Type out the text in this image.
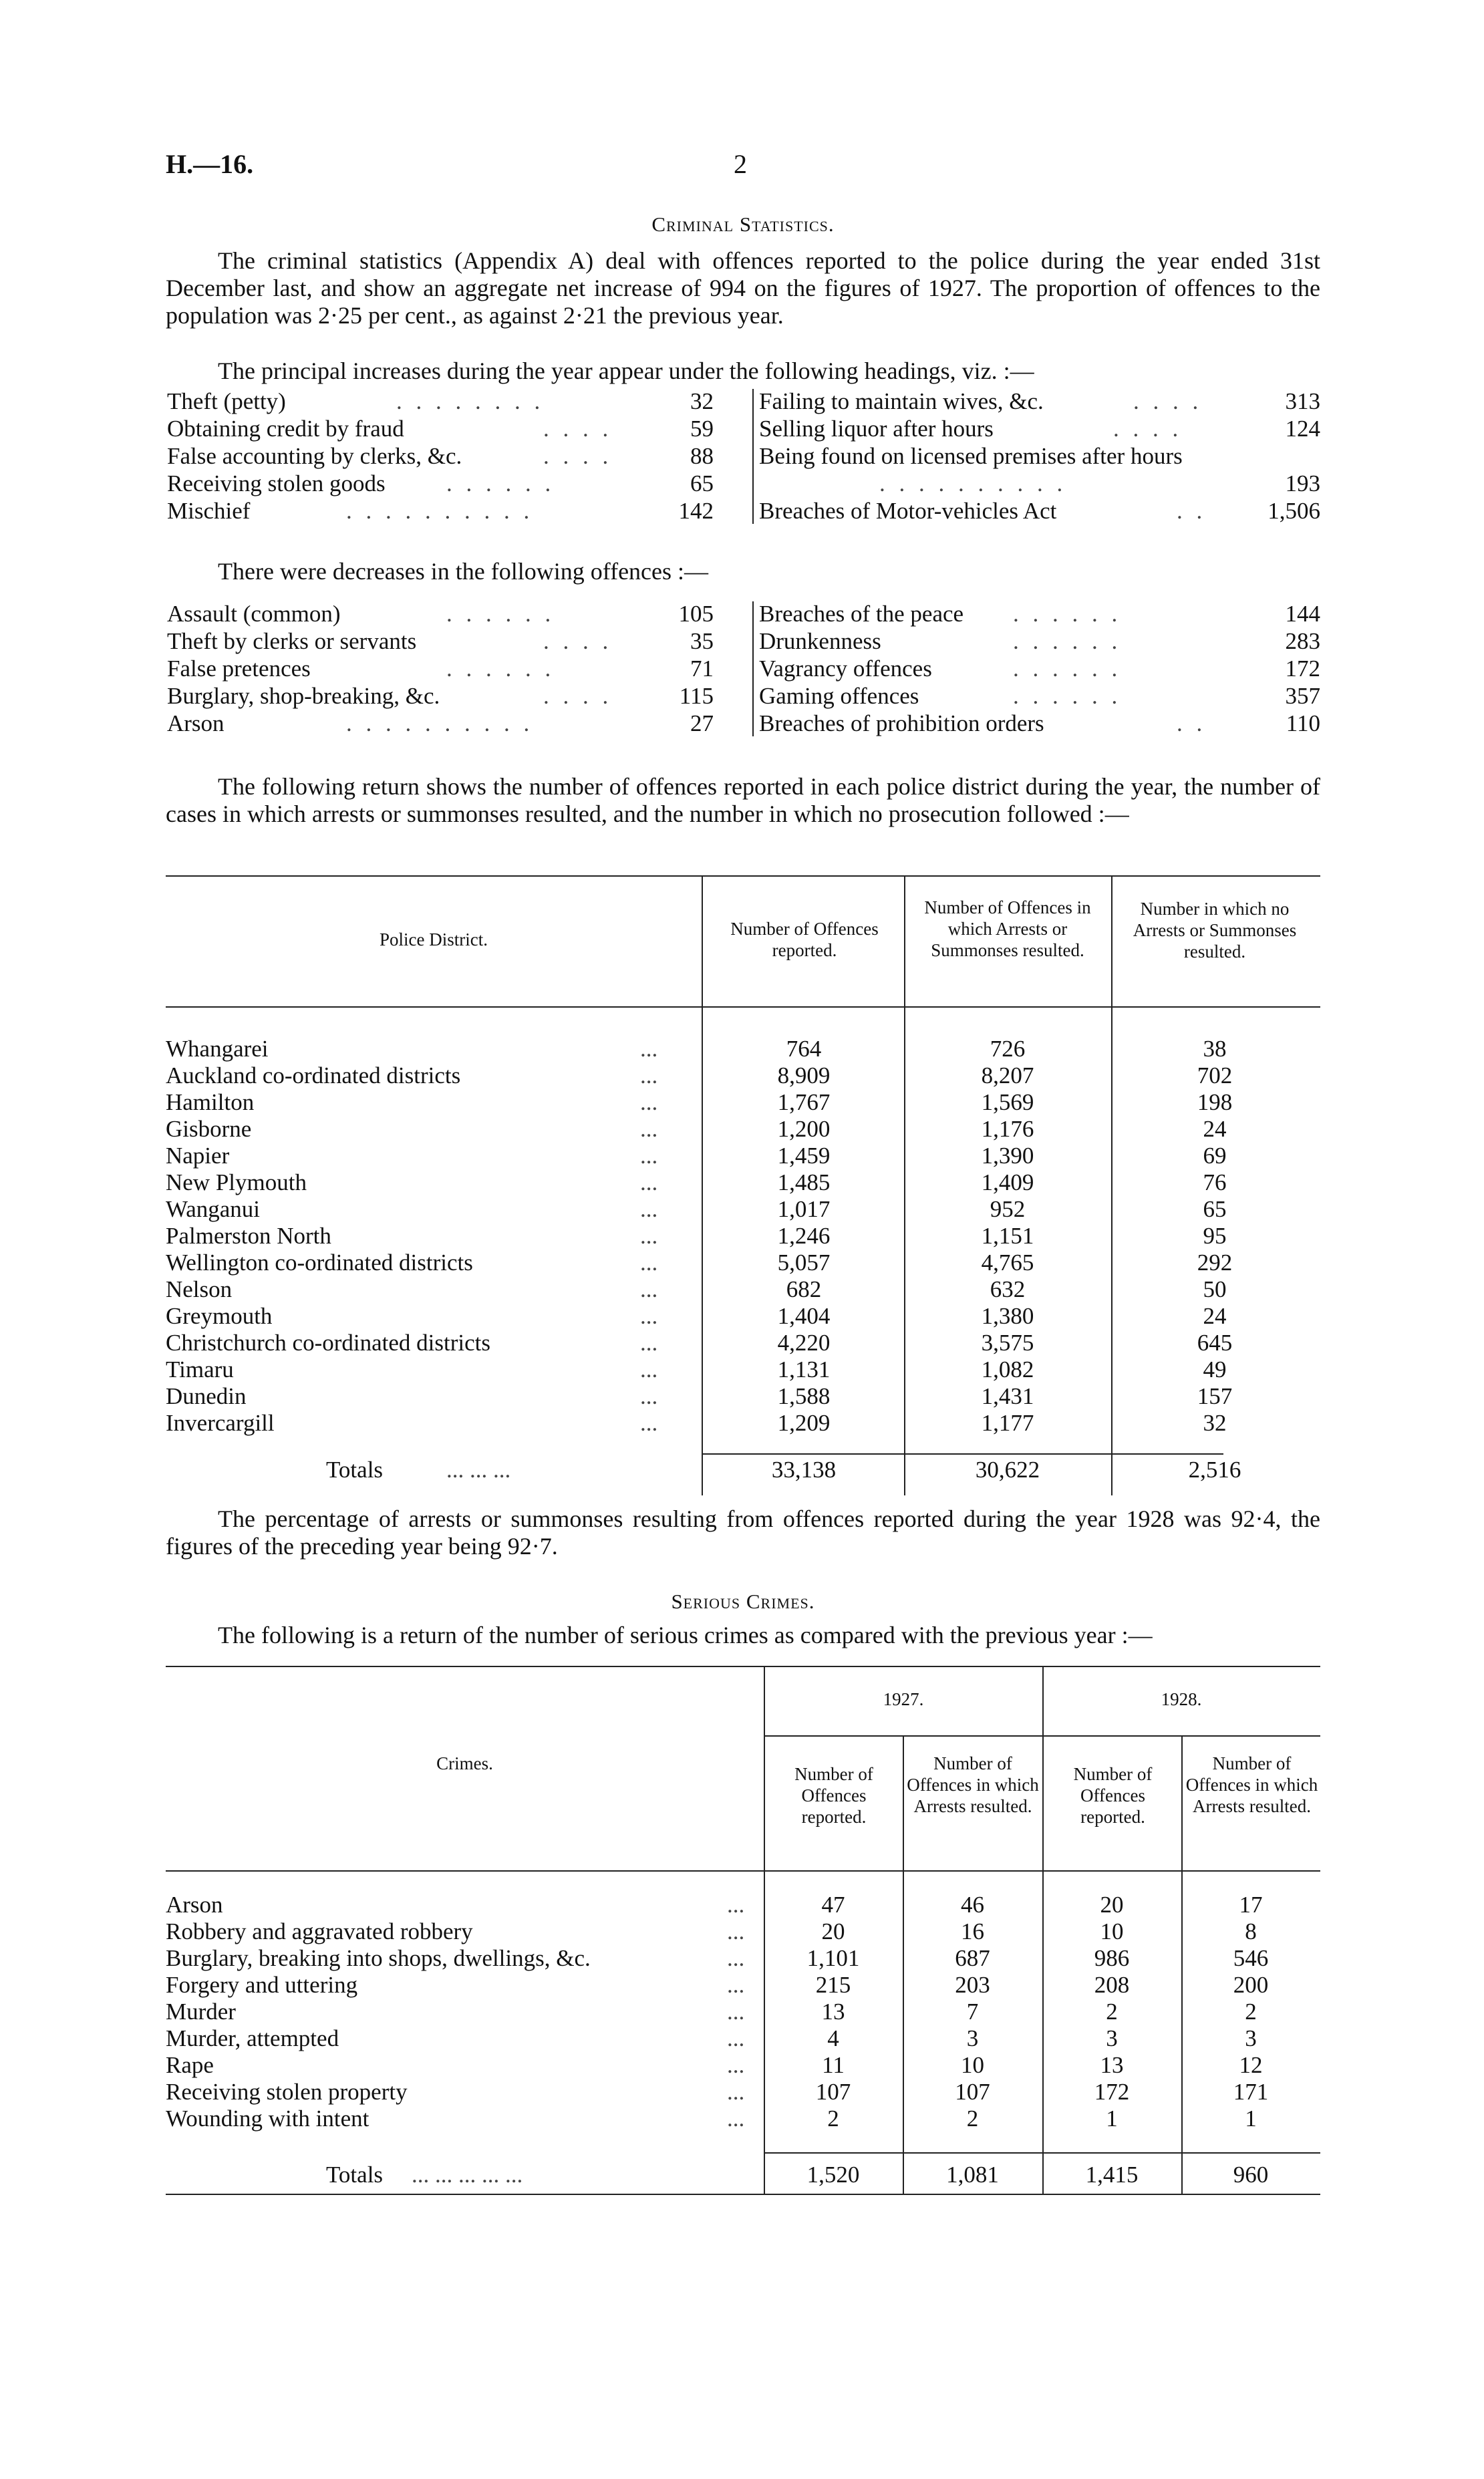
H.—16.	2
Criminal Statistics.
The criminal statistics (Appendix A) deal with offences reported to the police during the year ended 31st December last, and show an aggregate net increase of 994 on the figures of 1927. The proportion of offences to the population was 2·25 per cent., as against 2·21 the previous year.
The principal increases during the year appear under the following headings, viz. :—
Theft (petty)	. . . . . . . .	32
Obtaining credit by fraud	. . . .	59
False accounting by clerks, &c.	. . . .	88
Receiving stolen goods	. . . . . .	65
Mischief	. . . . . . . . . .	142
Failing to maintain wives, &c.	. . . .	313
Selling liquor after hours	. . . .	124
Being found on licensed premises after hours
. . . . . . . . . .	193
Breaches of Motor-vehicles Act	. .	1,506
There were decreases in the following offences :—
Assault (common)	. . . . . .	105
Theft by clerks or servants	. . . .	35
False pretences	. . . . . .	71
Burglary, shop-breaking, &c.	. . . .	115
Arson	. . . . . . . . . .	27
Breaches of the peace . . . . . .	144
Drunkenness	. . . . . .	283
Vagrancy offences	. . . . . .	172
Gaming offences	. . . . . .	357
Breaches of prohibition orders	. .	110
The following return shows the number of offences reported in each police district during the year, the number of cases in which arrests or summonses resulted, and the number in which no prosecution followed :—
Police District.
Number of Offences reported.
Number of Offences in which Arrests or Summonses resulted.
Number in which no Arrests or Summonses resulted.
Whangarei	...	764	726	38
Auckland co-ordinated districts	...	8,909	8,207	702
Hamilton	...	1,767	1,569	198
Gisborne	...	1,200	1,176	24
Napier	...	1,459	1,390	69
New Plymouth	...	1,485	1,409	76
Wanganui	...	1,017	952	65
Palmerston North	...	1,246	1,151	95
Wellington co-ordinated districts	...	5,057	4,765	292
Nelson	...	682	632	50
Greymouth	...	1,404	1,380	24
Christchurch co-ordinated districts	...	4,220	3,575	645
Timaru	...	1,131	1,082	49
Dunedin	...	1,588	1,431	157
Invercargill	...	1,209	1,177	32
Totals	... ... ...	33,138	30,622	2,516
The percentage of arrests or summonses resulting from offences reported during the year 1928 was 92·4, the figures of the preceding year being 92·7.
Serious Crimes.
The following is a return of the number of serious crimes as compared with the previous year :—
Crimes.
1927.	1928.
Number of Offences reported.
Number of Offences in which Arrests resulted.
Number of Offences reported.
Number of Offences in which Arrests resulted.
Arson	...	47	46	20	17
Robbery and aggravated robbery	...	20	16	10	8
Burglary, breaking into shops, dwellings, &c.	...	1,101	687	986	546
Forgery and uttering	...	215	203	208	200
Murder	...	13	7	2	2
Murder, attempted	...	4	3	3	3
Rape	...	11	10	13	12
Receiving stolen property	...	107	107	172	171
Wounding with intent	...	2	2	1	1
Totals ... ... ... ... ...	1,520	1,081	1,415	960
